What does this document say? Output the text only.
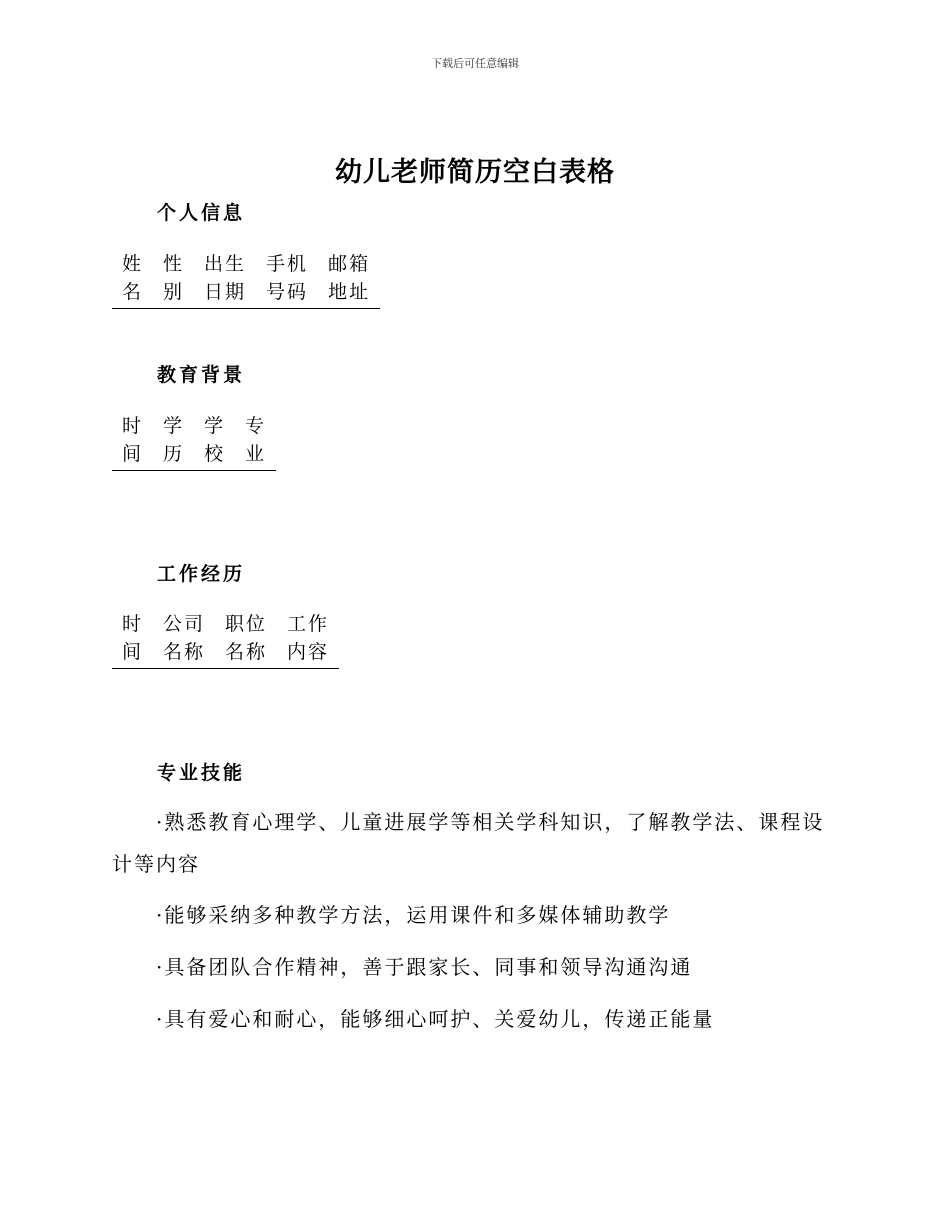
下载后可任意编辑
幼儿老师简历空白表格
个人信息
姓
名
性
别
出生
日期
手机
号码
邮箱
地址
教育背景
时
间
学
历
学
校
专
业
工作经历
时
间
公司
名称
职位
名称
工作
内容
专业技能
·熟悉教育心理学、儿童进展学等相关学科知识，了解教学法、课程设计等内容
·能够采纳多种教学方法，运用课件和多媒体辅助教学
·具备团队合作精神，善于跟家长、同事和领导沟通沟通
·具有爱心和耐心，能够细心呵护、关爱幼儿，传递正能量
